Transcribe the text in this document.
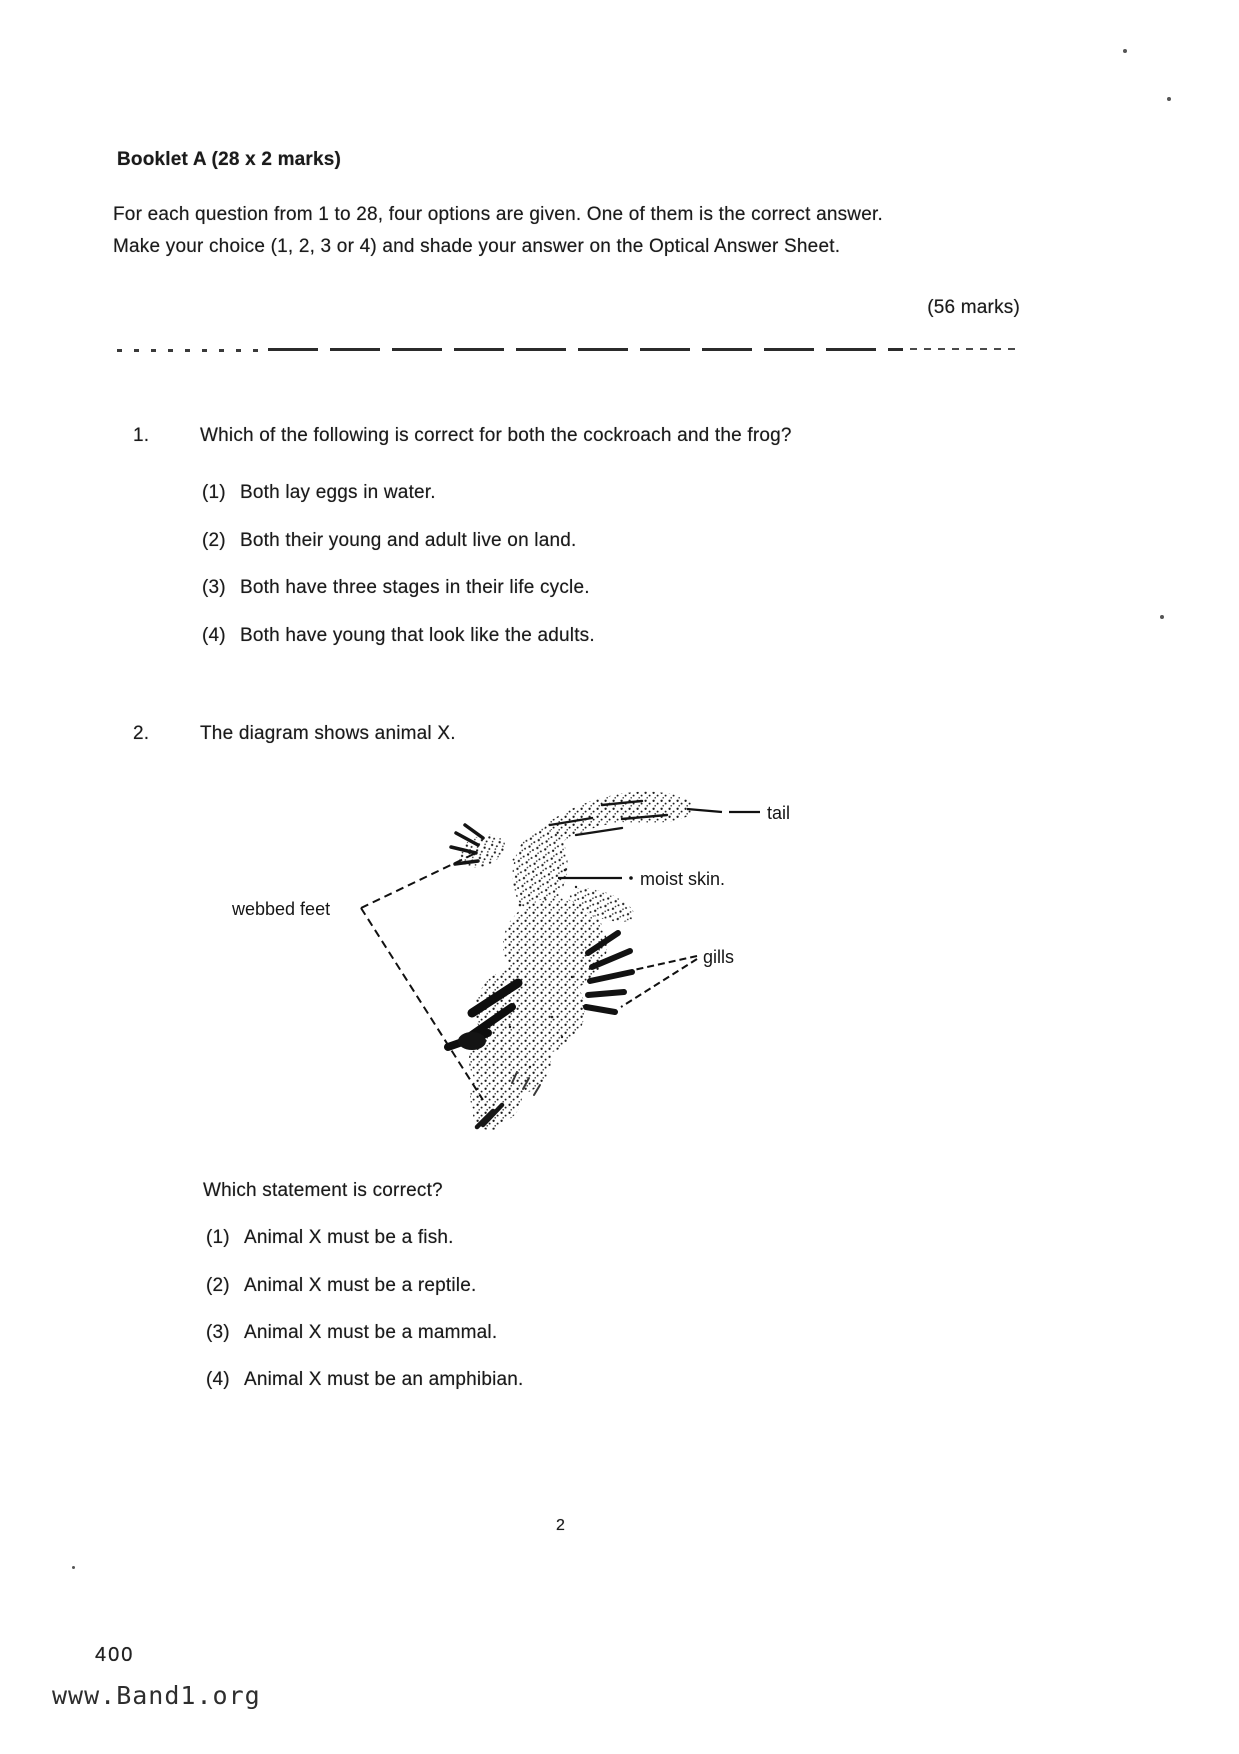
Booklet A (28 x 2 marks)
For each question from 1 to 28, four options are given. One of them is the correct answer.
Make your choice (1, 2, 3 or 4) and shade your answer on the Optical Answer Sheet.
(56 marks)
1.	Which of the following is correct for both the cockroach and the frog?
(1) Both lay eggs in water.
(2) Both their young and adult live on land.
(3) Both have three stages in their life cycle.
(4) Both have young that look like the adults.
2.	The diagram shows animal X.
tail
moist skin.
webbed feet
gills
Which statement is correct?
(1) Animal X must be a fish.
(2) Animal X must be a reptile.
(3) Animal X must be a mammal.
(4) Animal X must be an amphibian.
2
400
www.Band1.org
